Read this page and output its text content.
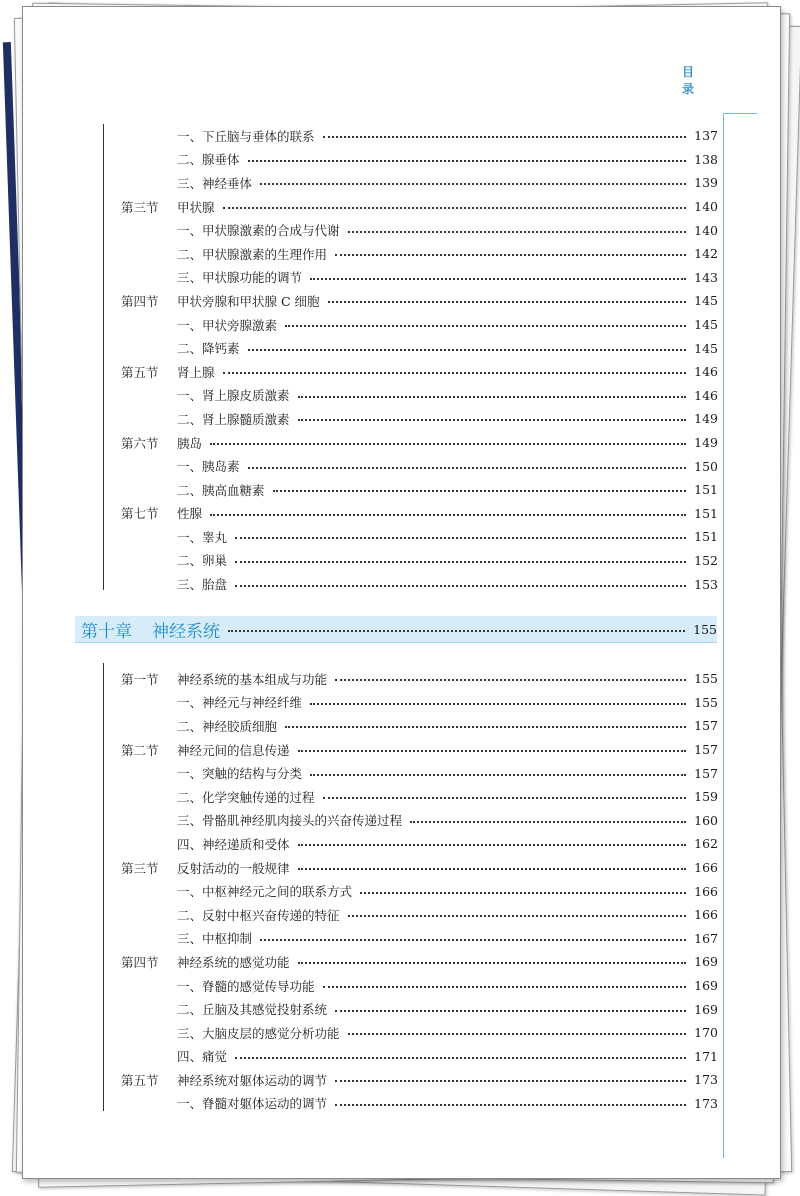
目 录
一、下丘脑与垂体的联系	137
二、腺垂体	138
三、神经垂体	139
第三节	甲状腺	140
一、甲状腺激素的合成与代谢	140
二、甲状腺激素的生理作用	142
三、甲状腺功能的调节	143
第四节	甲状旁腺和甲状腺 C 细胞	145
一、甲状旁腺激素	145
二、降钙素	145
第五节	肾上腺	146
一、肾上腺皮质激素	146
二、肾上腺髓质激素	149
第六节	胰岛	149
一、胰岛素	150
二、胰高血糖素	151
第七节	性腺	151
一、睾丸	151
二、卵巢	152
三、胎盘	153
第十章 神经系统	155
第一节	神经系统的基本组成与功能	155
一、神经元与神经纤维	155
二、神经胶质细胞	157
第二节	神经元间的信息传递	157
一、突触的结构与分类	157
二、化学突触传递的过程	159
三、骨骼肌神经肌肉接头的兴奋传递过程	160
四、神经递质和受体	162
第三节	反射活动的一般规律	166
一、中枢神经元之间的联系方式	166
二、反射中枢兴奋传递的特征	166
三、中枢抑制	167
第四节	神经系统的感觉功能	169
一、脊髓的感觉传导功能	169
二、丘脑及其感觉投射系统	169
三、大脑皮层的感觉分析功能	170
四、痛觉	171
第五节	神经系统对躯体运动的调节	173
一、脊髓对躯体运动的调节	173
